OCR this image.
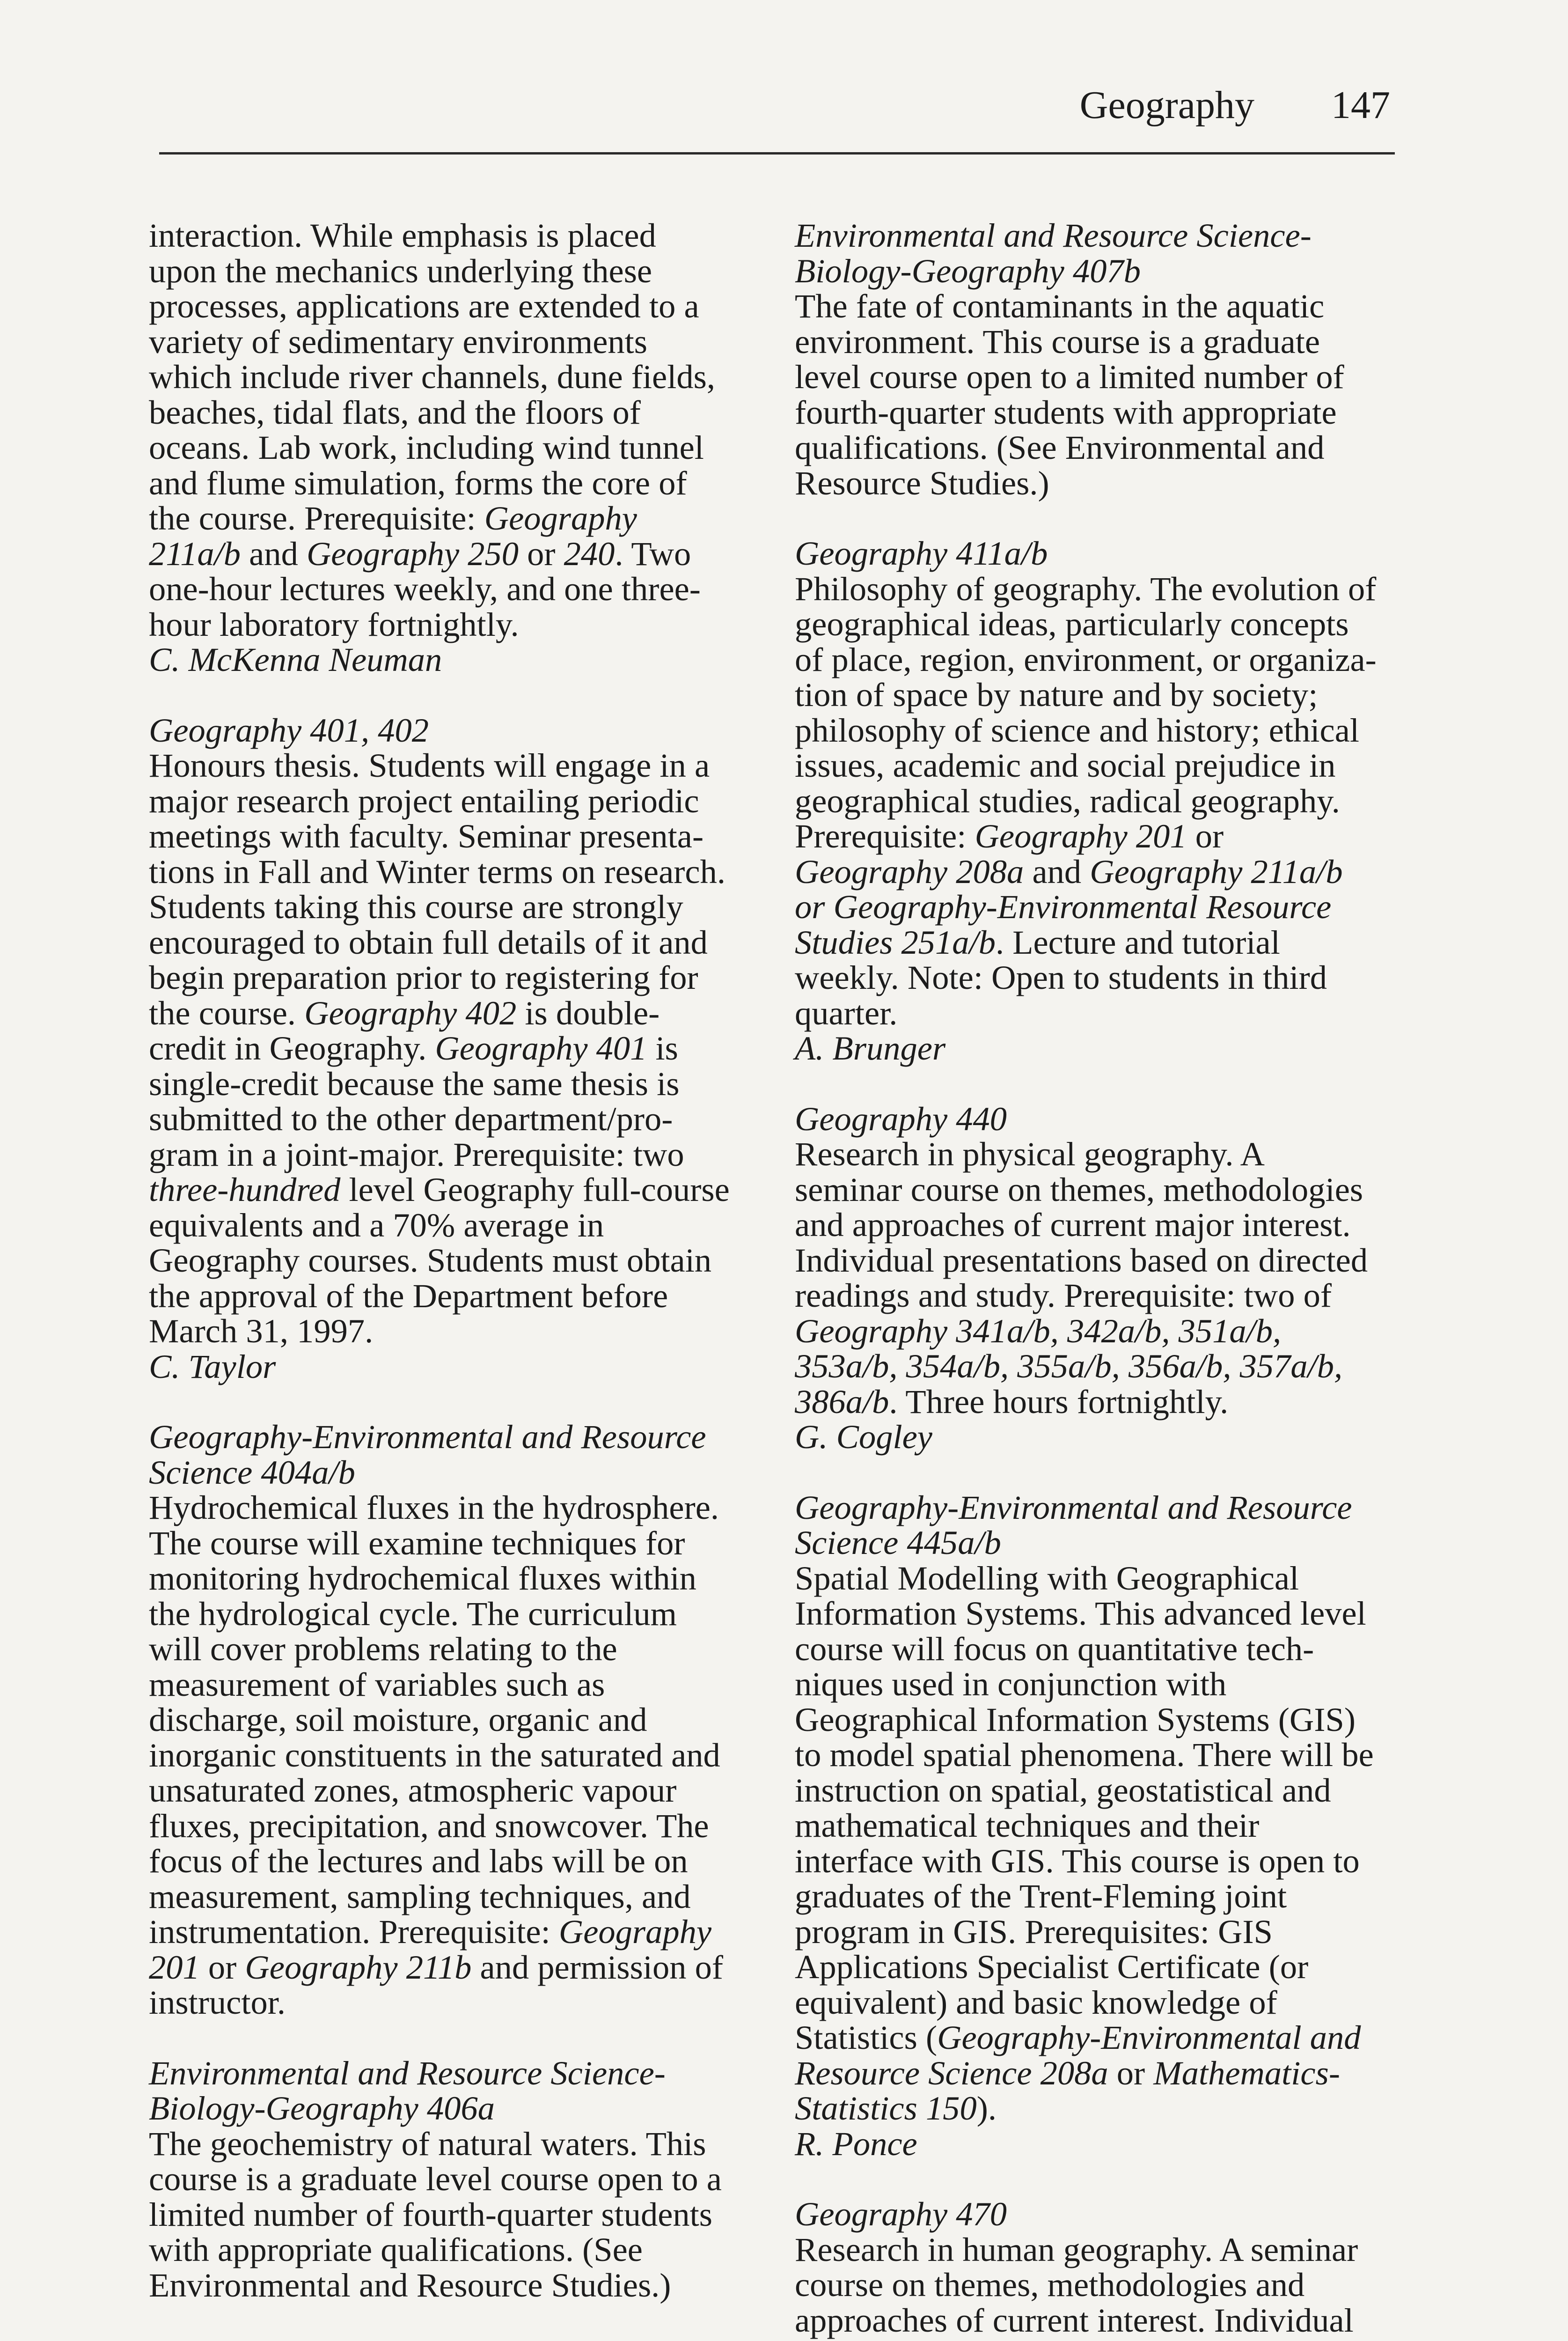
Geography 147
interaction. While emphasis is placed
upon the mechanics underlying these
processes, applications are extended to a
variety of sedimentary environments
which include river channels, dune fields,
beaches, tidal flats, and the floors of
oceans. Lab work, including wind tunnel
and flume simulation, forms the core of
the course. Prerequisite: Geography
211a/b and Geography 250 or 240. Two
one-hour lectures weekly, and one three-
hour laboratory fortnightly.
C. McKenna Neuman
Geography 401, 402
Honours thesis. Students will engage in a
major research project entailing periodic
meetings with faculty. Seminar presenta-
tions in Fall and Winter terms on research.
Students taking this course are strongly
encouraged to obtain full details of it and
begin preparation prior to registering for
the course. Geography 402 is double-
credit in Geography. Geography 401 is
single-credit because the same thesis is
submitted to the other department/pro-
gram in a joint-major. Prerequisite: two
three-hundred level Geography full-course
equivalents and a 70% average in
Geography courses. Students must obtain
the approval of the Department before
March 31, 1997.
C. Taylor
Geography-Environmental and Resource
Science 404a/b
Hydrochemical fluxes in the hydrosphere.
The course will examine techniques for
monitoring hydrochemical fluxes within
the hydrological cycle. The curriculum
will cover problems relating to the
measurement of variables such as
discharge, soil moisture, organic and
inorganic constituents in the saturated and
unsaturated zones, atmospheric vapour
fluxes, precipitation, and snowcover. The
focus of the lectures and labs will be on
measurement, sampling techniques, and
instrumentation. Prerequisite: Geography
201 or Geography 211b and permission of
instructor.
Environmental and Resource Science-
Biology-Geography 406a
The geochemistry of natural waters. This
course is a graduate level course open to a
limited number of fourth-quarter students
with appropriate qualifications. (See
Environmental and Resource Studies.)
Environmental and Resource Science-
Biology-Geography 407b
The fate of contaminants in the aquatic
environment. This course is a graduate
level course open to a limited number of
fourth-quarter students with appropriate
qualifications. (See Environmental and
Resource Studies.)
Geography 411a/b
Philosophy of geography. The evolution of
geographical ideas, particularly concepts
of place, region, environment, or organiza-
tion of space by nature and by society;
philosophy of science and history; ethical
issues, academic and social prejudice in
geographical studies, radical geography.
Prerequisite: Geography 201 or
Geography 208a and Geography 211a/b
or Geography-Environmental Resource
Studies 251a/b. Lecture and tutorial
weekly. Note: Open to students in third
quarter.
A. Brunger
Geography 440
Research in physical geography. A
seminar course on themes, methodologies
and approaches of current major interest.
Individual presentations based on directed
readings and study. Prerequisite: two of
Geography 341a/b, 342a/b, 351a/b,
353a/b, 354a/b, 355a/b, 356a/b, 357a/b,
386a/b. Three hours fortnightly.
G. Cogley
Geography-Environmental and Resource
Science 445a/b
Spatial Modelling with Geographical
Information Systems. This advanced level
course will focus on quantitative tech-
niques used in conjunction with
Geographical Information Systems (GIS)
to model spatial phenomena. There will be
instruction on spatial, geostatistical and
mathematical techniques and their
interface with GIS. This course is open to
graduates of the Trent-Fleming joint
program in GIS. Prerequisites: GIS
Applications Specialist Certificate (or
equivalent) and basic knowledge of
Statistics (Geography-Environmental and
Resource Science 208a or Mathematics-
Statistics 150).
R. Ponce
Geography 470
Research in human geography. A seminar
course on themes, methodologies and
approaches of current interest. Individual
